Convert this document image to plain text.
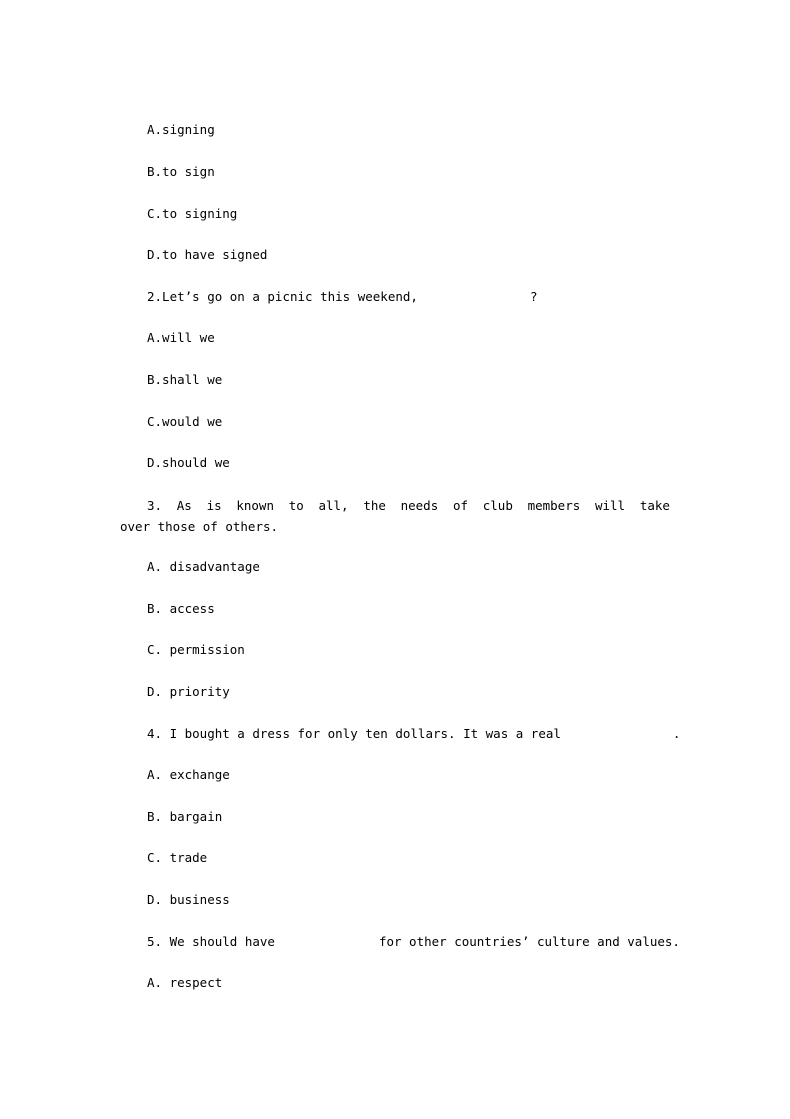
A.signing
B.to sign
C.to signing
D.to have signed
2.Let’s go on a picnic this weekend,	?
A.will we
B.shall we
C.would we
D.should we
3. As is known to all, the needs of club members will take
over those of others.
A. disadvantage
B. access
C. permission
D. priority
4. I bought a dress for only ten dollars. It was a real	.
A. exchange
B. bargain
C. trade
D. business
5. We should have	for other countries’ culture and values.
A. respect
